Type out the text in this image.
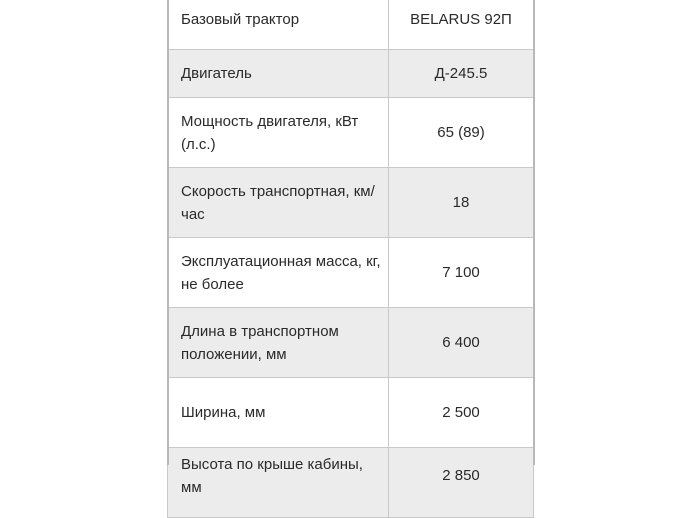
Базовый трактор	BELARUS 92П
Двигатель	Д-245.5
Мощность двигателя, кВт (л.с.)	65 (89)
Скорость транспортная, км/час	18
Эксплуатационная масса, кг, не более	7 100
Длина в транспортном положении, мм	6 400
Ширина, мм	2 500
Высота по крыше кабины, мм	2 850
